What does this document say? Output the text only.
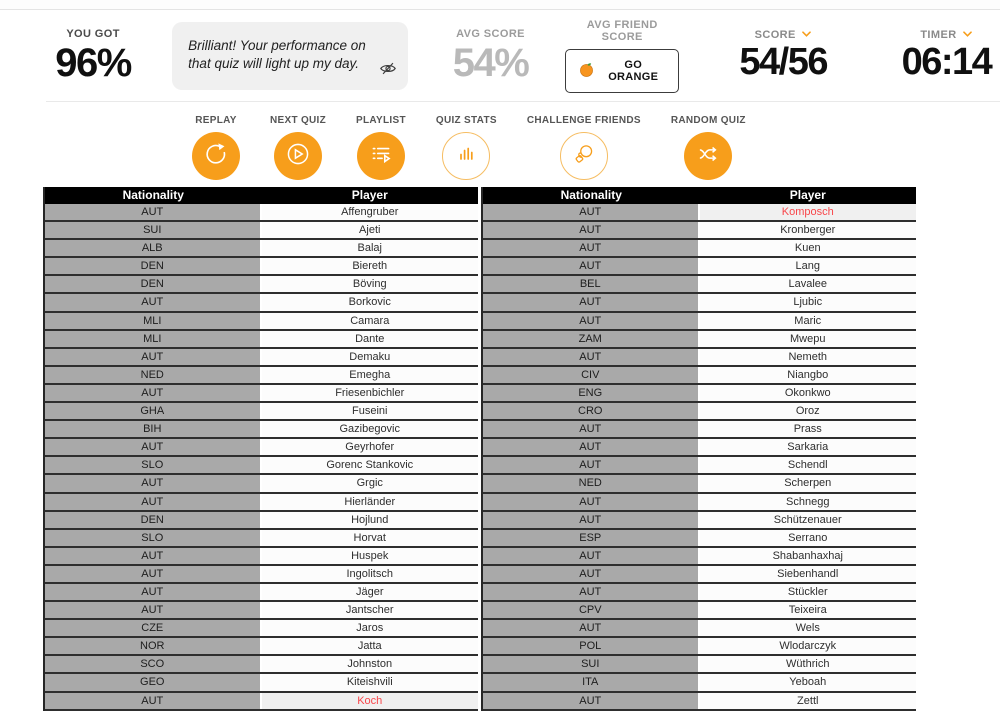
YOU GOT
96%	Brilliant! Your performance on that quiz will light up my day.
AVG SCORE
54%
AVG FRIEND SCORE
GO ORANGE
SCORE
54/56
TIMER
06:14
REPLAY	NEXT QUIZ	PLAYLIST	QUIZ STATS	CHALLENGE FRIENDS	RANDOM QUIZ
Nationality	Player
AUT	Affengruber
SUI	Ajeti
ALB	Balaj
DEN	Biereth
DEN	Böving
AUT	Borkovic
MLI	Camara
MLI	Dante
AUT	Demaku
NED	Emegha
AUT	Friesenbichler
GHA	Fuseini
BIH	Gazibegovic
AUT	Geyrhofer
SLO	Gorenc Stankovic
AUT	Grgic
AUT	Hierländer
DEN	Hojlund
SLO	Horvat
AUT	Huspek
AUT	Ingolitsch
AUT	Jäger
AUT	Jantscher
CZE	Jaros
NOR	Jatta
SCO	Johnston
GEO	Kiteishvili
AUT	Koch
Nationality	Player
AUT	Komposch
AUT	Kronberger
AUT	Kuen
AUT	Lang
BEL	Lavalee
AUT	Ljubic
AUT	Maric
ZAM	Mwepu
AUT	Nemeth
CIV	Niangbo
ENG	Okonkwo
CRO	Oroz
AUT	Prass
AUT	Sarkaria
AUT	Schendl
NED	Scherpen
AUT	Schnegg
AUT	Schützenauer
ESP	Serrano
AUT	Shabanhaxhaj
AUT	Siebenhandl
AUT	Stückler
CPV	Teixeira
AUT	Wels
POL	Wlodarczyk
SUI	Wüthrich
ITA	Yeboah
AUT	Zettl
